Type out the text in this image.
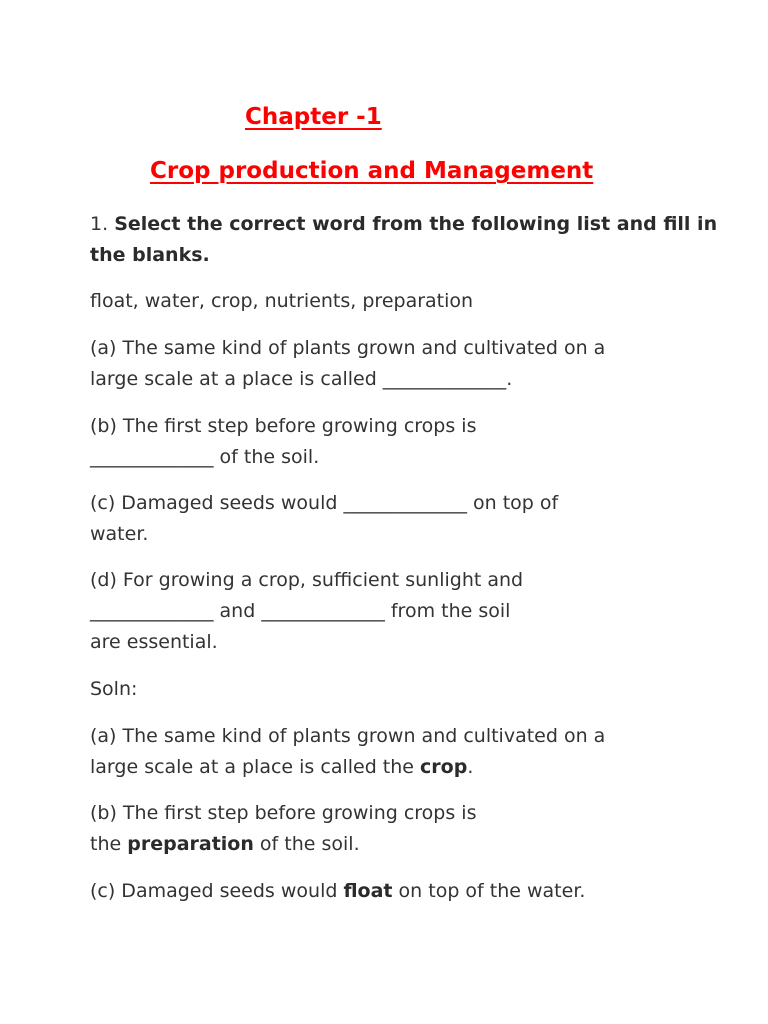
Chapter -1
Crop production and Management
1. Select the correct word from the following list and fill in
the blanks.
float, water, crop, nutrients, preparation
(a) The same kind of plants grown and cultivated on a
large scale at a place is called _____________.
(b) The first step before growing crops is
_____________ of the soil.
(c) Damaged seeds would _____________ on top of
water.
(d) For growing a crop, sufficient sunlight and
_____________ and _____________ from the soil
are essential.
Soln:
(a) The same kind of plants grown and cultivated on a
large scale at a place is called the crop.
(b) The first step before growing crops is
the preparation of the soil.
(c) Damaged seeds would float on top of the water.
